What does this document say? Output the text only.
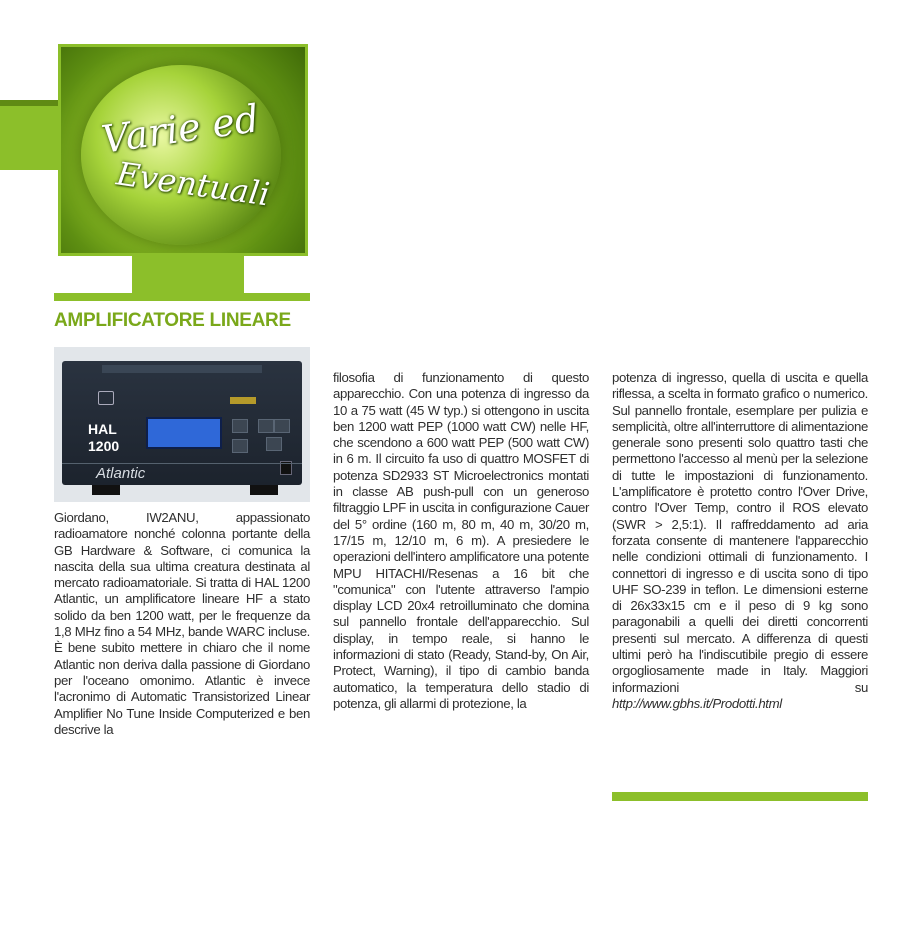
Varie ed
Eventuali
AMPLIFICATORE LINEARE
HAL
1200
Atlantic

Giordano, IW2ANU, appassionato radioamatore nonché colonna portante della GB Hardware & Software, ci comunica la nascita della sua ultima creatura destinata al mercato radioamatoriale. Si tratta di HAL 1200 Atlantic, un amplificatore lineare HF a stato solido da ben 1200 watt, per le frequenze da 1,8 MHz fino a 54 MHz, bande WARC incluse. È bene subito mettere in chiaro che il nome Atlantic non deriva dalla passione di Giordano per l'oceano omonimo. Atlantic è invece l'acronimo di Automatic Transistorized Linear Amplifier No Tune Inside Computerized e ben descrive la

filosofia di funzionamento di questo apparecchio. Con una potenza di ingresso da 10 a 75 watt (45 W typ.) si ottengono in uscita ben 1200 watt PEP (1000 watt CW) nelle HF, che scendono a 600 watt PEP (500 watt CW) in 6 m. Il circuito fa uso di quattro MOSFET di potenza SD2933 ST Microelectronics montati in classe AB push-pull con un generoso filtraggio LPF in uscita in configurazione Cauer del 5° ordine (160 m, 80 m, 40 m, 30/20 m, 17/15 m, 12/10 m, 6 m). A presiedere le operazioni dell'intero amplificatore una potente MPU HITACHI/Resenas a 16 bit che "comunica" con l'utente attraverso l'ampio display LCD 20x4 retroilluminato che domina sul pannello frontale dell'apparecchio. Sul display, in tempo reale, si hanno le informazioni di stato (Ready, Stand-by, On Air, Protect, Warning), il tipo di cambio banda automatico, la temperatura dello stadio di potenza, gli allarmi di protezione, la

potenza di ingresso, quella di uscita e quella riflessa, a scelta in formato grafico o numerico. Sul pannello frontale, esemplare per pulizia e semplicità, oltre all'interruttore di alimentazione generale sono presenti solo quattro tasti che permettono l'accesso al menù per la selezione di tutte le impostazioni di funzionamento. L'amplificatore è protetto contro l'Over Drive, contro l'Over Temp, contro il ROS elevato (SWR > 2,5:1). Il raffreddamento ad aria forzata consente di mantenere l'apparecchio nelle condizioni ottimali di funzionamento. I connettori di ingresso e di uscita sono di tipo UHF SO-239 in teflon. Le dimensioni esterne di 26x33x15 cm e il peso di 9 kg sono paragonabili a quelli dei diretti concorrenti presenti sul mercato. A differenza di questi ultimi però ha l'indiscutibile pregio di essere orgogliosamente made in Italy. Maggiori informazioni su http://www.gbhs.it/Prodotti.html
